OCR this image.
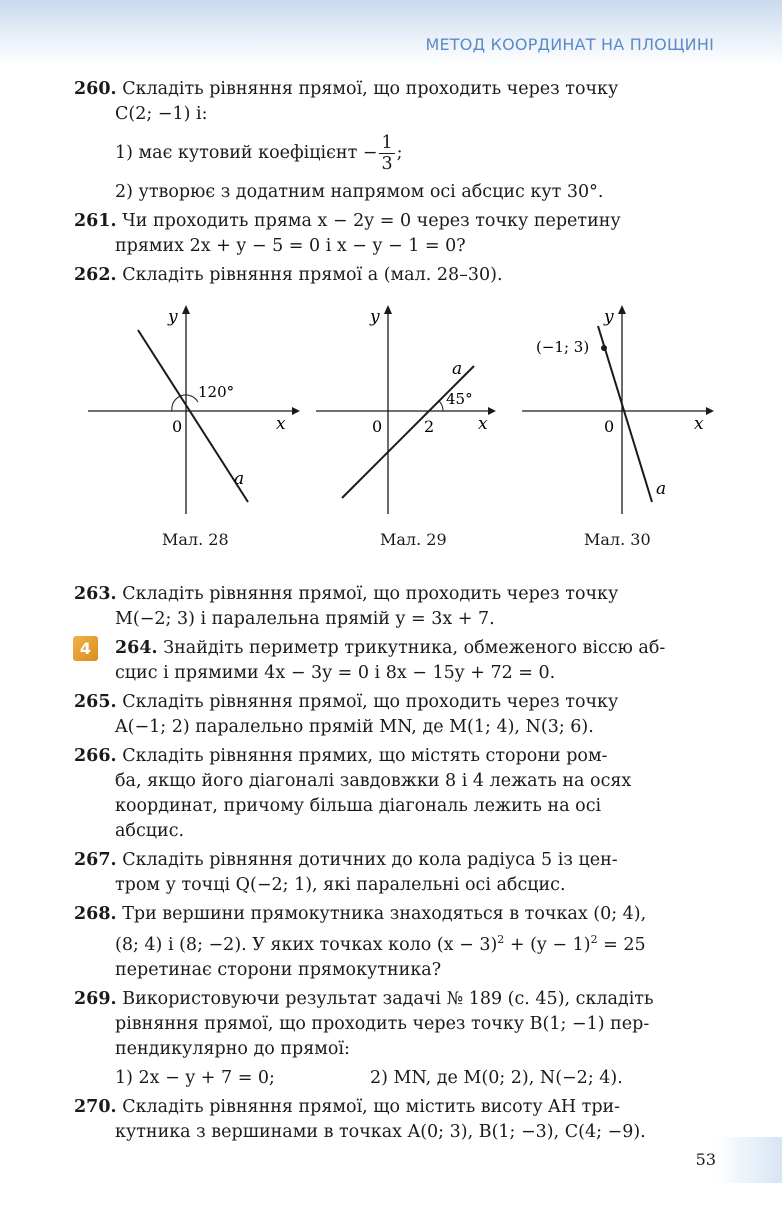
МЕТОД КООРДИНАТ НА ПЛОЩИНІ
260. Складіть рівняння прямої, що проходить через точку
C(2; −1) і:
1) має кутовий коефіцієнт − $\frac{1}{3}$ ;
2) утворює з додатним напрямом осі абсцис кут 30°.
261. Чи проходить пряма x − 2y = 0 через точку перетину
прямих 2x + y − 5 = 0 і x − y − 1 = 0?
262. Складіть рівняння прямої a (мал. 28–30).
120°
0	x
y
a
Мал. 28
45°
0	2	x
y
a
Мал. 29
(−1; 3)
0	x
y
a
Мал. 30
263. Складіть рівняння прямої, що проходить через точку
M(−2; 3) і паралельна прямій y = 3x + 7.
4	264. Знайдіть периметр трикутника, обмеженого віссю аб-
сцис і прямими 4x − 3y = 0 і 8x − 15y + 72 = 0.
265. Складіть рівняння прямої, що проходить через точку
A(−1; 2) паралельно прямій MN, де M(1; 4), N(3; 6).
266. Складіть рівняння прямих, що містять сторони ром-
ба, якщо його діагоналі завдовжки 8 і 4 лежать на осях
координат, причому більша діагональ лежить на осі
абсцис.
267. Складіть рівняння дотичних до кола радіуса 5 із цен-
тром у точці Q(−2; 1), які паралельні осі абсцис.
268. Три вершини прямокутника знаходяться в точках (0; 4),
(8; 4) і (8; −2). У яких точках коло $(x - 3)^2 + (y - 1)^2 = 25$
перетинає сторони прямокутника?
269. Використовуючи результат задачі № 189 (с. 45), складіть
рівняння прямої, що проходить через точку B(1; −1) пер-
пендикулярно до прямої:
1) 2x − y + 7 = 0;	2) MN, де M(0; 2), N(−2; 4).
270. Складіть рівняння прямої, що містить висоту AH три-
кутника з вершинами в точках A(0; 3), B(1; −3), C(4; −9).
53
